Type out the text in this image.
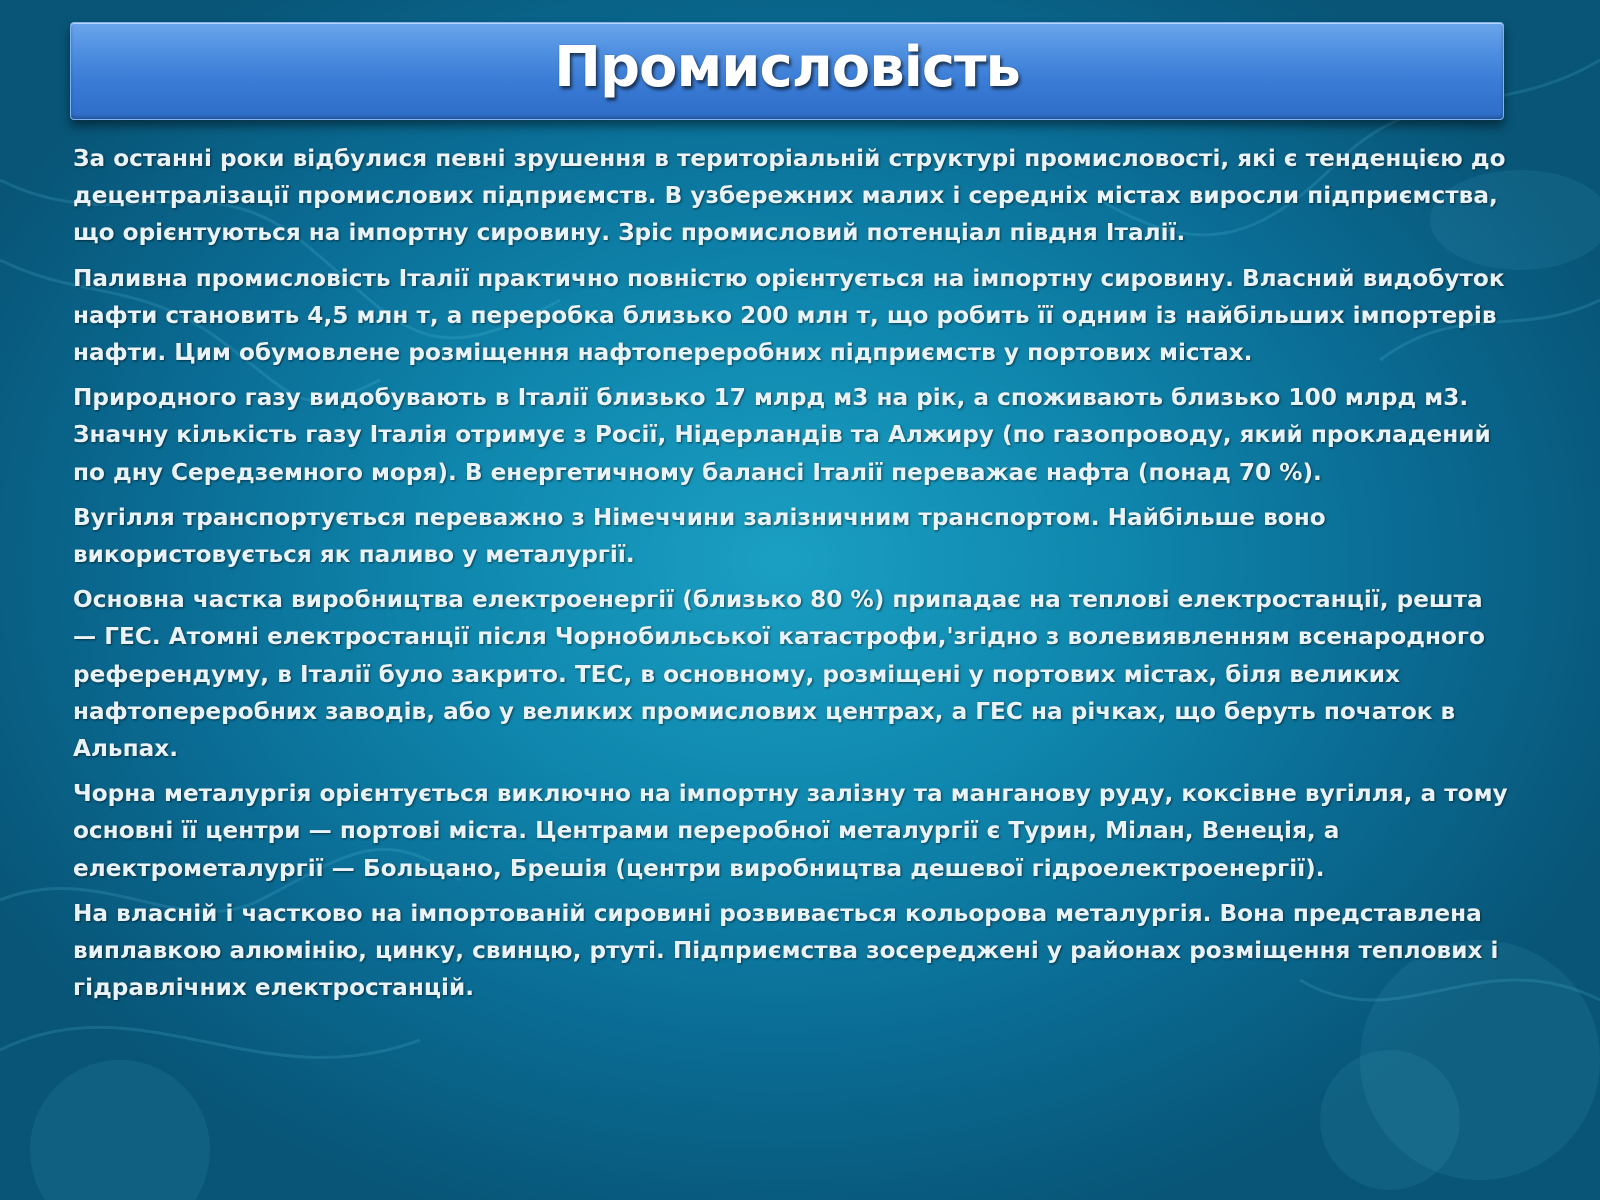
Промисловість

За останні роки відбулися певні зрушення в територіальній структурі промисловості, які є тенденцією до децентралізації промислових підприємств. В узбережних малих і середніх містах виросли підприємства, що орієнтуються на імпортну сировину. Зріс промисловий потенціал півдня Італії.

Паливна промисловість Італії практично повністю орієнтується на імпортну сировину. Власний видобуток нафти становить 4,5 млн т, а переробка близько 200 млн т, що робить її одним із найбільших імпортерів нафти. Цим обумовлене розміщення нафтопереробних підприємств у портових містах.

Природного газу видобувають в Італії близько 17 млрд м3 на рік, а споживають близько 100 млрд м3. Значну кількість газу Італія отримує з Росії, Нідерландів та Алжиру (по газопроводу, який прокладений по дну Середземного моря). В енергетичному балансі Італії переважає нафта (понад 70 %).

Вугілля транспортується переважно з Німеччини залізничним транспортом. Найбільше воно використовується як паливо у металургії.

Основна частка виробництва електроенергії (близько 80 %) припадає на теплові електростанції, решта — ГЕС. Атомні електростанції після Чорнобильської катастрофи,'згідно з волевиявленням всенародного референдуму, в Італії було закрито. ТЕС, в основному, розміщені у портових містах, біля великих нафтопереробних заводів, або у великих промислових центрах, а ГЕС на річках, що беруть початок в Альпах.

Чорна металургія орієнтується виключно на імпортну залізну та манганову руду, коксівне вугілля, а тому основні її центри — портові міста. Центрами переробної металургії є Турин, Мілан, Венеція, а електрометалургії — Больцано, Брешія (центри виробництва дешевої гідроелектроенергії).

На власній і частково на імпортованій сировині розвивається кольорова металургія. Вона представлена виплавкою алюмінію, цинку, свинцю, ртуті. Підприємства зосереджені у районах розміщення теплових і гідравлічних електростанцій.
